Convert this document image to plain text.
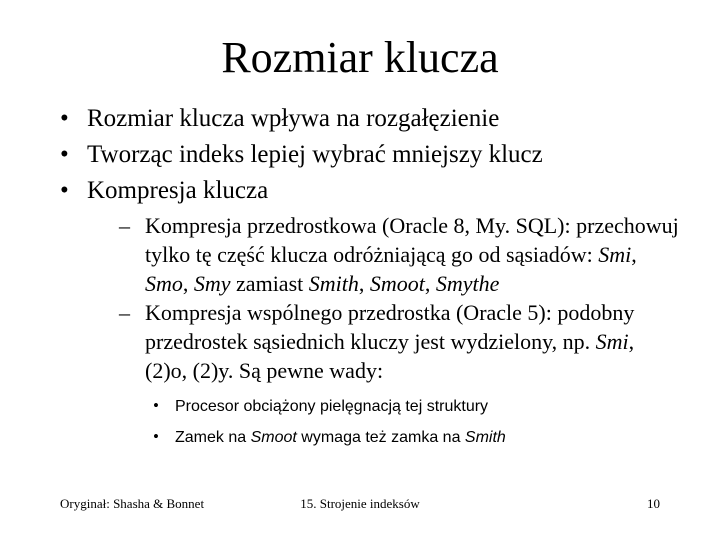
Rozmiar klucza
• Rozmiar klucza wpływa na rozgałęzienie
• Tworząc indeks lepiej wybrać mniejszy klucz
• Kompresja klucza
– Kompresja przedrostkowa (Oracle 8, My. SQL): przechowuj tylko tę część klucza odróżniającą go od sąsiadów: Smi, Smo, Smy zamiast Smith, Smoot, Smythe
– Kompresja wspólnego przedrostka (Oracle 5): podobny przedrostek sąsiednich kluczy jest wydzielony, np. Smi, (2)o, (2)y. Są pewne wady:
• Procesor obciążony pielęgnacją tej struktury
• Zamek na Smoot wymaga też zamka na Smith
Oryginał: Shasha & Bonnet	15. Strojenie indeksów	10
